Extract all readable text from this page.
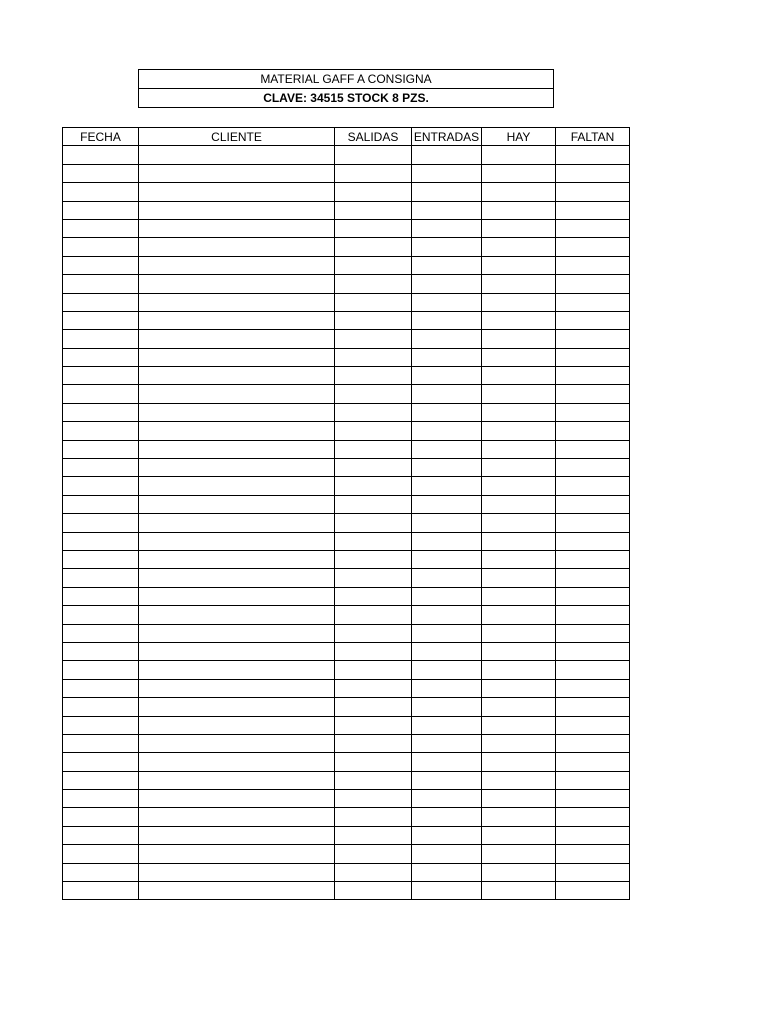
MATERIAL GAFF A CONSIGNA
CLAVE: 34515 STOCK 8 PZS.
FECHA	CLIENTE	SALIDAS	ENTRADAS	HAY	FALTAN
